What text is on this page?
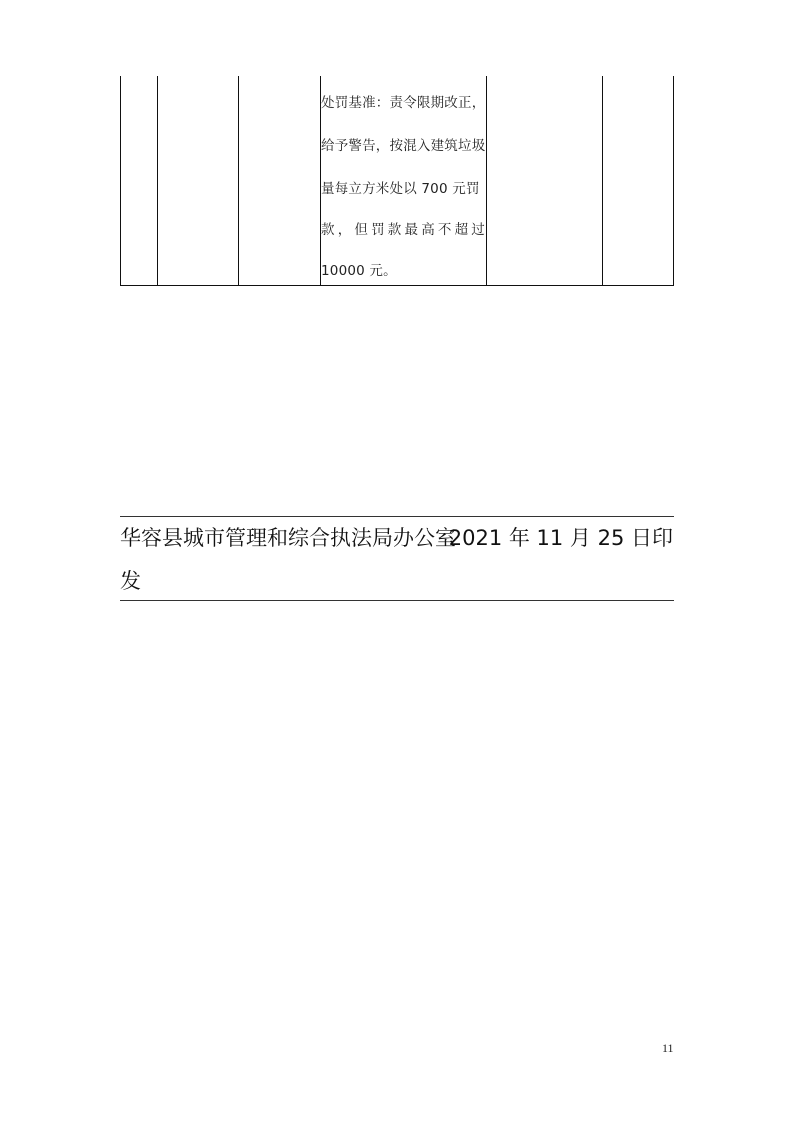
处罚基准：责令限期改正，
给予警告，按混入建筑垃圾
量每立方米处以 700 元罚
款，但罚款最高不超过
10000 元。
华容县城市管理和综合执法局办公室
2021 年 11 月 25 日印
发
11
